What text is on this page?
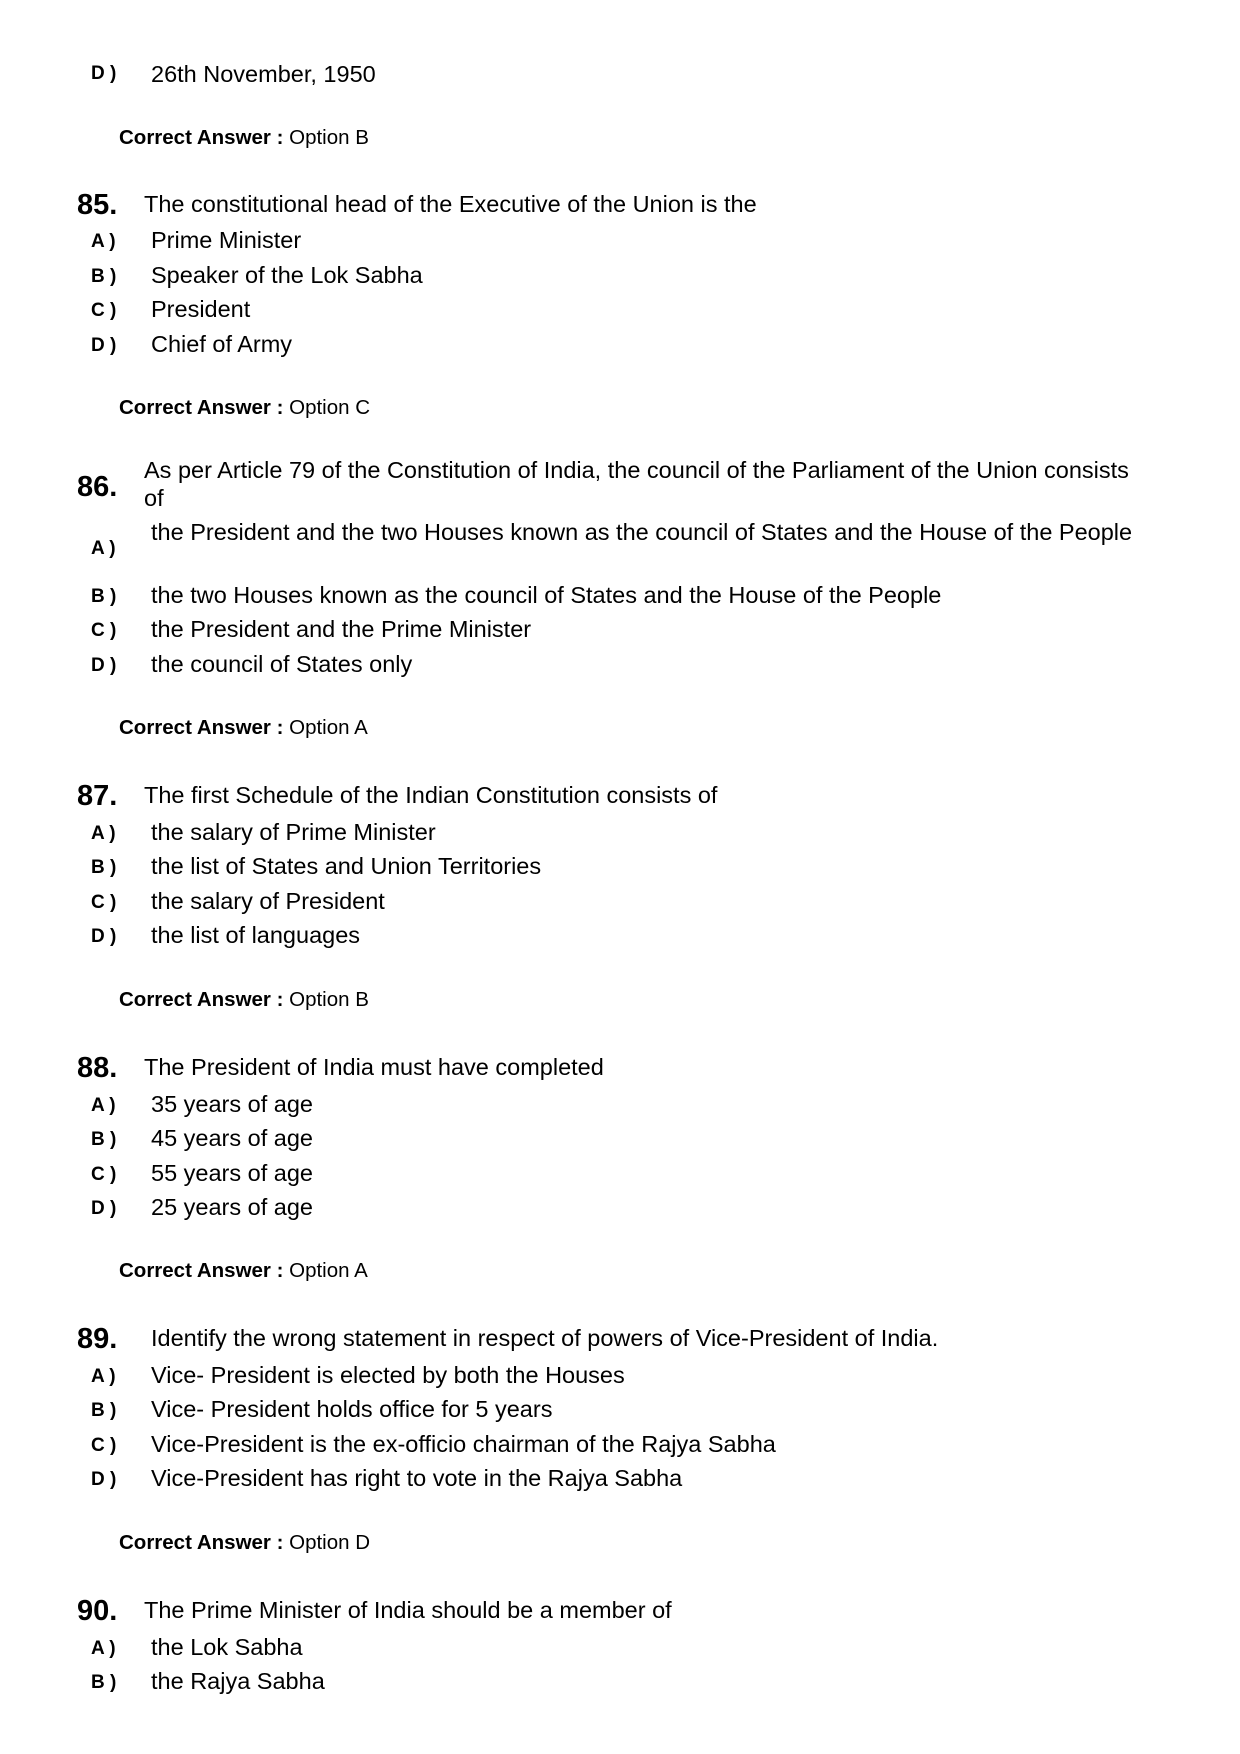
D ) 26th November, 1950
Correct Answer : Option B
85. The constitutional head of the Executive of the Union is the
A ) Prime Minister
B ) Speaker of the Lok Sabha
C ) President
D ) Chief of Army
Correct Answer : Option C
86.
As per Article 79 of the Constitution of India, the council of the Parliament of the Union consists of
A )
the President and the two Houses known as the council of States and the House of the People
B ) the two Houses known as the council of States and the House of the People
C ) the President and the Prime Minister
D ) the council of States only
Correct Answer : Option A
87. The first Schedule of the Indian Constitution consists of
A ) the salary of Prime Minister
B ) the list of States and Union Territories
C ) the salary of President
D ) the list of languages
Correct Answer : Option B
88. The President of India must have completed
A ) 35 years of age
B ) 45 years of age
C ) 55 years of age
D ) 25 years of age
Correct Answer : Option A
89. Identify the wrong statement in respect of powers of Vice-President of India.
A ) Vice- President is elected by both the Houses
B ) Vice- President holds office for 5 years
C ) Vice-President is the ex-officio chairman of the Rajya Sabha
D ) Vice-President has right to vote in the Rajya Sabha
Correct Answer : Option D
90. The Prime Minister of India should be a member of
A ) the Lok Sabha
B ) the Rajya Sabha
